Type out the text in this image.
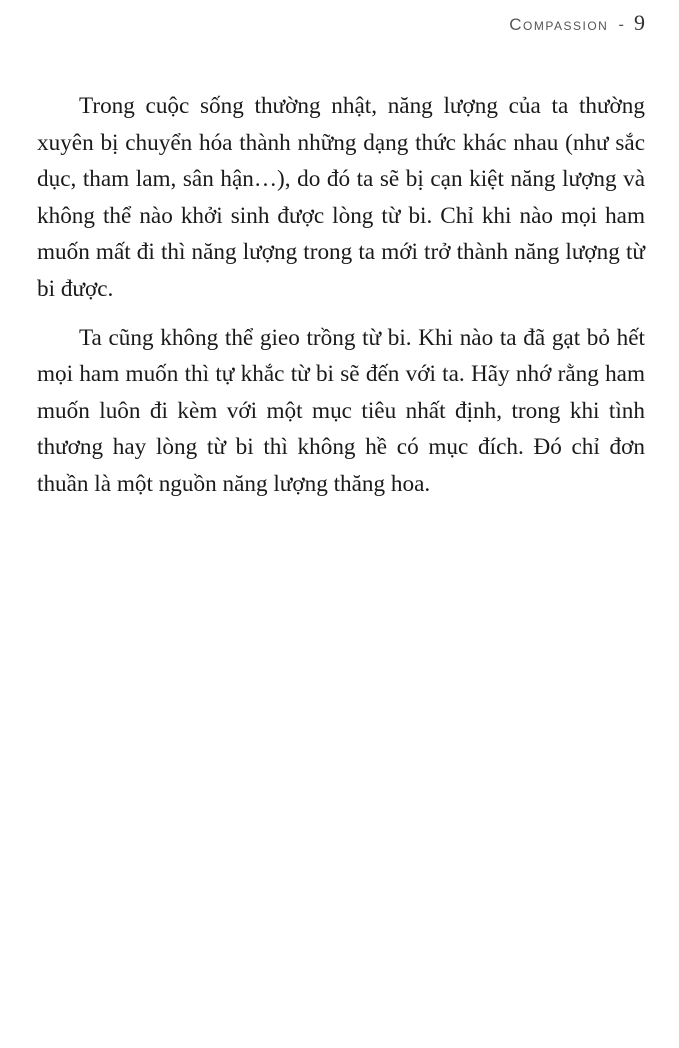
Compassion - 9

Trong cuộc sống thường nhật, năng lượng của ta thường xuyên bị chuyển hóa thành những dạng thức khác nhau (như sắc dục, tham lam, sân hận…), do đó ta sẽ bị cạn kiệt năng lượng và không thể nào khởi sinh được lòng từ bi. Chỉ khi nào mọi ham muốn mất đi thì năng lượng trong ta mới trở thành năng lượng từ bi được.

Ta cũng không thể gieo trồng từ bi. Khi nào ta đã gạt bỏ hết mọi ham muốn thì tự khắc từ bi sẽ đến với ta. Hãy nhớ rằng ham muốn luôn đi kèm với một mục tiêu nhất định, trong khi tình thương hay lòng từ bi thì không hề có mục đích. Đó chỉ đơn thuần là một nguồn năng lượng thăng hoa.
